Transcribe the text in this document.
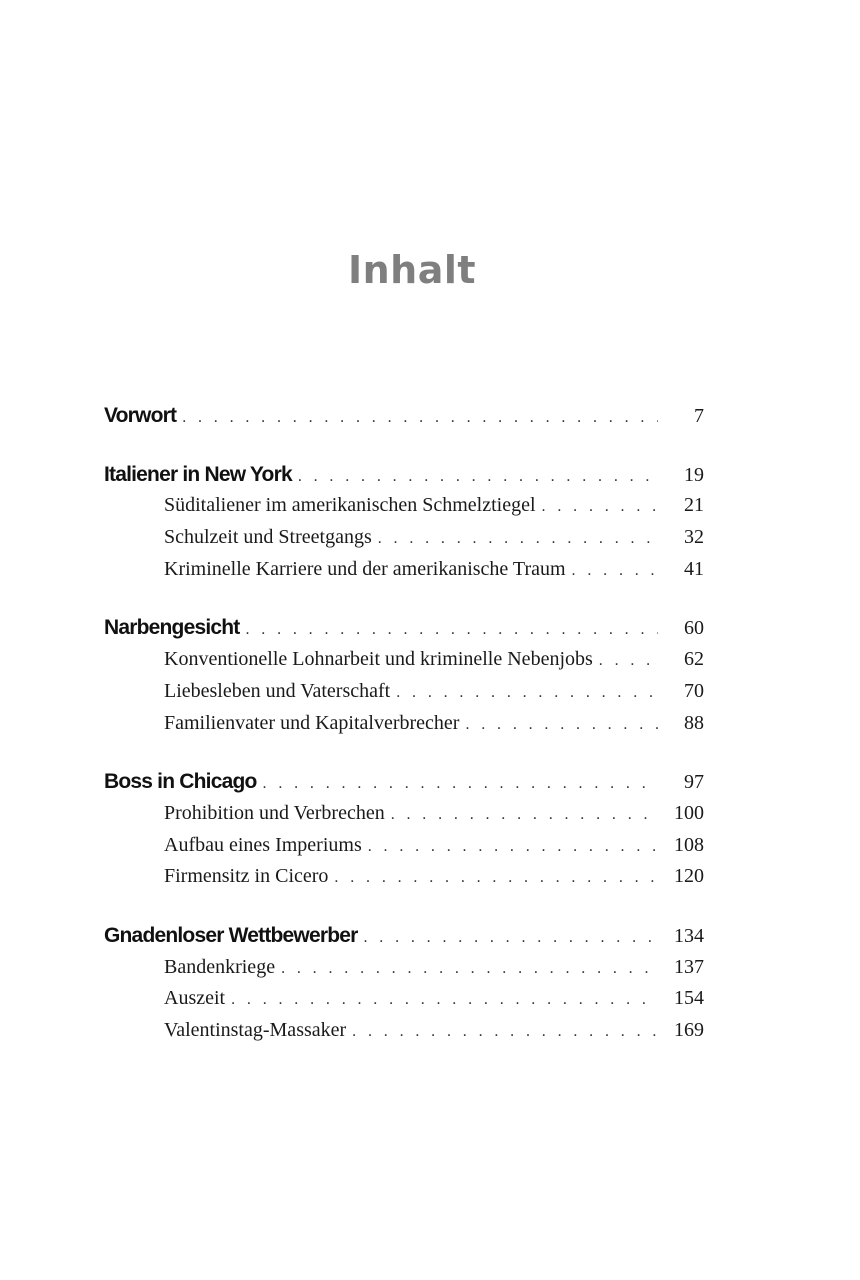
Inhalt
Vorwort . . .	7
Italiener in New York . . .	19
Süditaliener im amerikanischen Schmelztiegel . . .	21
Schulzeit und Streetgangs . . .	32
Kriminelle Karriere und der amerikanische Traum . . .	41
Narbengesicht . . .	60
Konventionelle Lohnarbeit und kriminelle Nebenjobs . . .	62
Liebesleben und Vaterschaft . . .	70
Familienvater und Kapitalverbrecher . . .	88
Boss in Chicago . . .	97
Prohibition und Verbrechen . . .	100
Aufbau eines Imperiums . . .	108
Firmensitz in Cicero . . .	120
Gnadenloser Wettbewerber . . .	134
Bandenkriege . . .	137
Auszeit . . .	154
Valentinstag-Massaker . . .	169
